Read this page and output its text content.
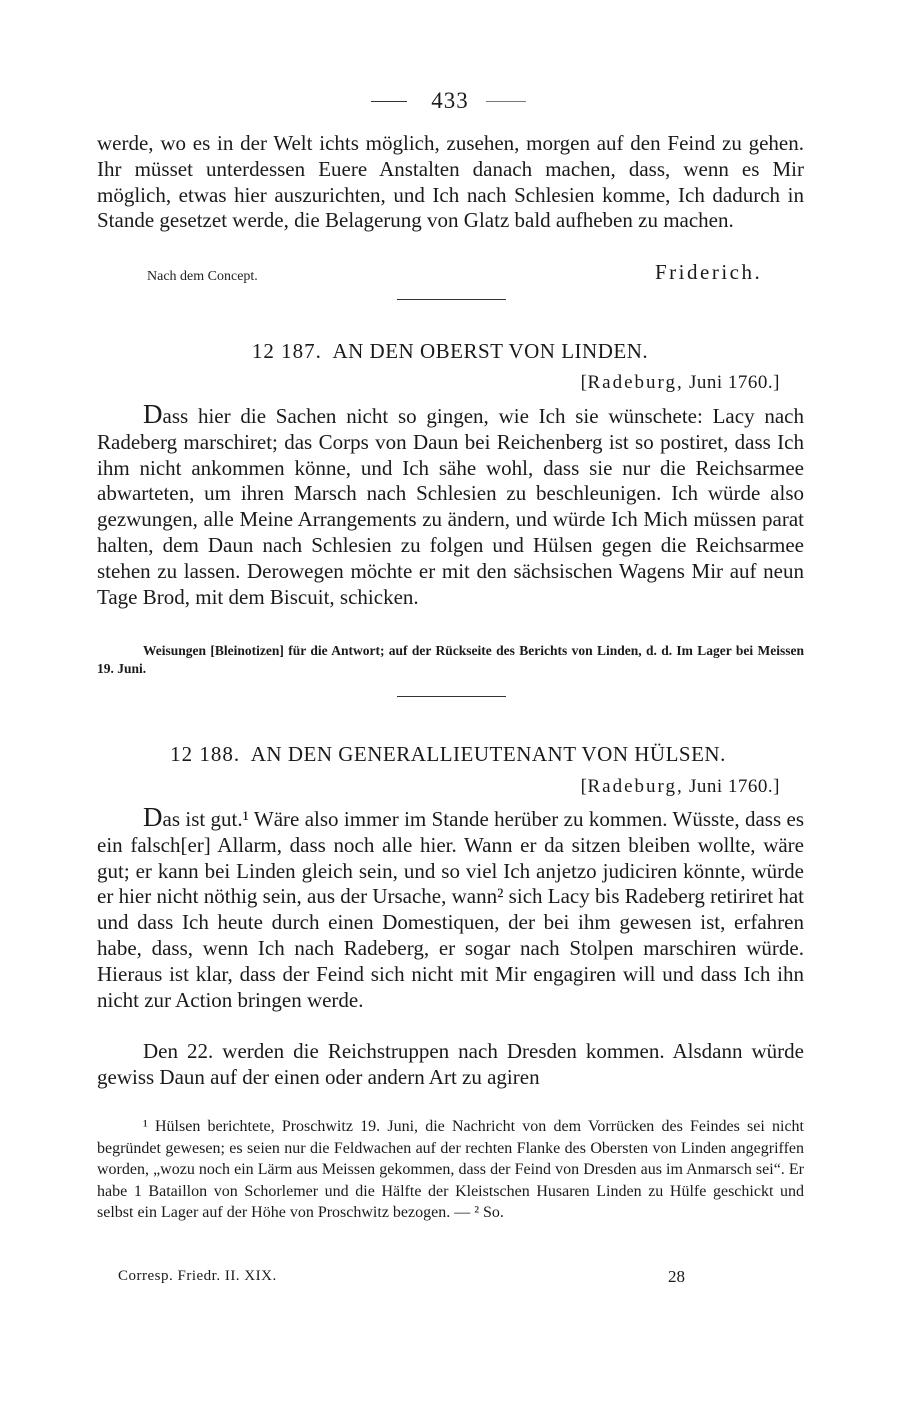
433

werde, wo es in der Welt ichts möglich, zusehen, morgen auf den Feind zu gehen. Ihr müsset unterdessen Euere Anstalten danach machen, dass, wenn es Mir möglich, etwas hier auszurichten, und Ich nach Schlesien komme, Ich dadurch in Stande gesetzet werde, die Belagerung von Glatz bald aufheben zu machen.

Nach dem Concept.	Friderich.
12 187. AN DEN OBERST VON LINDEN.
[Radeburg, Juni 1760.]

Dass hier die Sachen nicht so gingen, wie Ich sie wünschete: Lacy nach Radeberg marschiret; das Corps von Daun bei Reichenberg ist so postiret, dass Ich ihm nicht ankommen könne, und Ich sähe wohl, dass sie nur die Reichsarmee abwarteten, um ihren Marsch nach Schlesien zu beschleunigen. Ich würde also gezwungen, alle Meine Arrangements zu ändern, und würde Ich Mich müssen parat halten, dem Daun nach Schlesien zu folgen und Hülsen gegen die Reichsarmee stehen zu lassen. Derowegen möchte er mit den sächsischen Wagens Mir auf neun Tage Brod, mit dem Biscuit, schicken.

Weisungen [Bleinotizen] für die Antwort; auf der Rückseite des Berichts von Linden, d. d. Im Lager bei Meissen 19. Juni.

12 188. AN DEN GENERALLIEUTENANT VON HÜLSEN.
[Radeburg, Juni 1760.]

Das ist gut.¹ Wäre also immer im Stande herüber zu kommen. Wüsste, dass es ein falsch[er] Allarm, dass noch alle hier. Wann er da sitzen bleiben wollte, wäre gut; er kann bei Linden gleich sein, und so viel Ich anjetzo judiciren könnte, würde er hier nicht nöthig sein, aus der Ursache, wann² sich Lacy bis Radeberg retiriret hat und dass Ich heute durch einen Domestiquen, der bei ihm gewesen ist, erfahren habe, dass, wenn Ich nach Radeberg, er sogar nach Stolpen marschiren würde. Hieraus ist klar, dass der Feind sich nicht mit Mir engagiren will und dass Ich ihn nicht zur Action bringen werde.

Den 22. werden die Reichstruppen nach Dresden kommen. Alsdann würde gewiss Daun auf der einen oder andern Art zu agiren

¹ Hülsen berichtete, Proschwitz 19. Juni, die Nachricht von dem Vorrücken des Feindes sei nicht begründet gewesen; es seien nur die Feldwachen auf der rechten Flanke des Obersten von Linden angegriffen worden, „wozu noch ein Lärm aus Meissen gekommen, dass der Feind von Dresden aus im Anmarsch sei“. Er habe 1 Bataillon von Schorlemer und die Hälfte der Kleistschen Husaren Linden zu Hülfe geschickt und selbst ein Lager auf der Höhe von Proschwitz bezogen. — ² So.

Corresp. Friedr. II. XIX.	28
